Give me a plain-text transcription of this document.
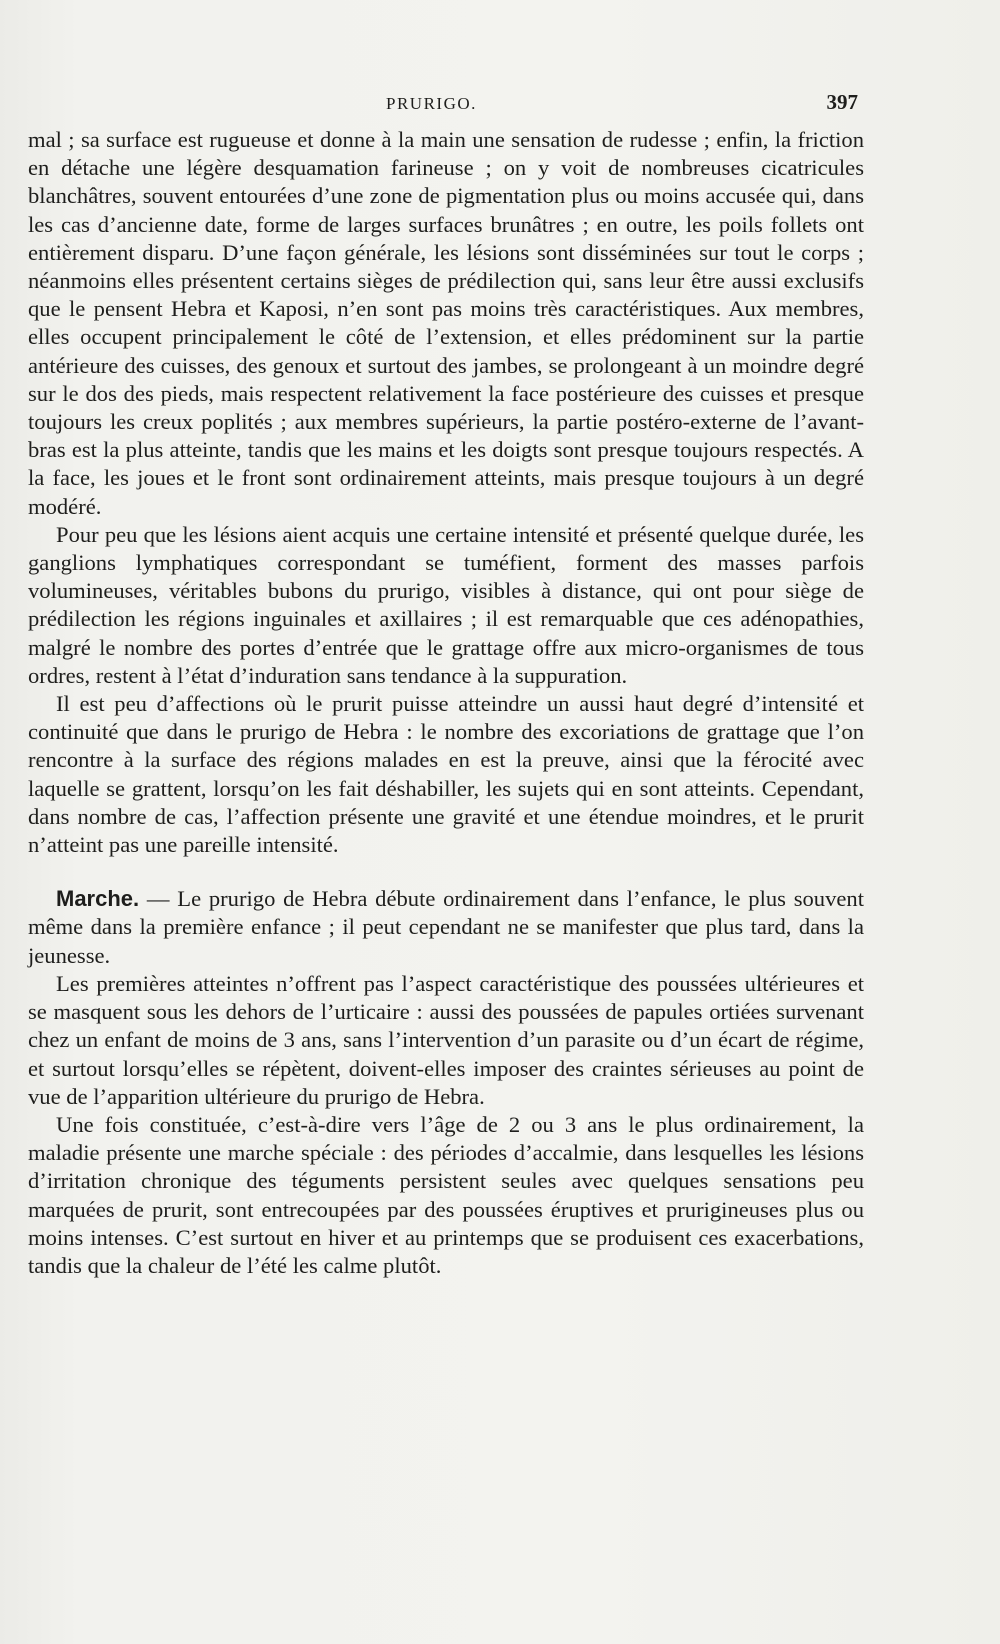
PRURIGO.	397

mal ; sa surface est rugueuse et donne à la main une sensation de rudesse ; enfin, la friction en détache une légère desquamation farineuse ; on y voit de nombreuses cicatricules blanchâtres, souvent entourées d’une zone de pigmentation plus ou moins accusée qui, dans les cas d’ancienne date, forme de larges surfaces brunâtres ; en outre, les poils follets ont entièrement disparu. D’une façon générale, les lésions sont disséminées sur tout le corps ; néanmoins elles présentent certains sièges de prédilection qui, sans leur être aussi exclusifs que le pensent Hebra et Kaposi, n’en sont pas moins très caractéristiques. Aux membres, elles occupent principalement le côté de l’extension, et elles prédominent sur la partie antérieure des cuisses, des genoux et surtout des jambes, se prolongeant à un moindre degré sur le dos des pieds, mais respectent relativement la face postérieure des cuisses et presque toujours les creux poplités ; aux membres supérieurs, la partie postéro-externe de l’avant-bras est la plus atteinte, tandis que les mains et les doigts sont presque toujours respectés. A la face, les joues et le front sont ordinairement atteints, mais presque toujours à un degré modéré.

Pour peu que les lésions aient acquis une certaine intensité et présenté quelque durée, les ganglions lymphatiques correspondant se tuméfient, forment des masses parfois volumineuses, véritables bubons du prurigo, visibles à distance, qui ont pour siège de prédilection les régions inguinales et axillaires ; il est remarquable que ces adénopathies, malgré le nombre des portes d’entrée que le grattage offre aux micro-organismes de tous ordres, restent à l’état d’induration sans tendance à la suppuration.

Il est peu d’affections où le prurit puisse atteindre un aussi haut degré d’intensité et continuité que dans le prurigo de Hebra : le nombre des excoriations de grattage que l’on rencontre à la surface des régions malades en est la preuve, ainsi que la férocité avec laquelle se grattent, lorsqu’on les fait déshabiller, les sujets qui en sont atteints. Cependant, dans nombre de cas, l’affection présente une gravité et une étendue moindres, et le prurit n’atteint pas une pareille intensité.

Marche. — Le prurigo de Hebra débute ordinairement dans l’enfance, le plus souvent même dans la première enfance ; il peut cependant ne se manifester que plus tard, dans la jeunesse.

Les premières atteintes n’offrent pas l’aspect caractéristique des poussées ultérieures et se masquent sous les dehors de l’urticaire : aussi des poussées de papules ortiées survenant chez un enfant de moins de 3 ans, sans l’intervention d’un parasite ou d’un écart de régime, et surtout lorsqu’elles se répètent, doivent-elles imposer des craintes sérieuses au point de vue de l’apparition ultérieure du prurigo de Hebra.

Une fois constituée, c’est-à-dire vers l’âge de 2 ou 3 ans le plus ordinairement, la maladie présente une marche spéciale : des périodes d’accalmie, dans lesquelles les lésions d’irritation chronique des téguments persistent seules avec quelques sensations peu marquées de prurit, sont entrecoupées par des poussées éruptives et prurigineuses plus ou moins intenses. C’est surtout en hiver et au printemps que se produisent ces exacerbations, tandis que la chaleur de l’été les calme plutôt.
